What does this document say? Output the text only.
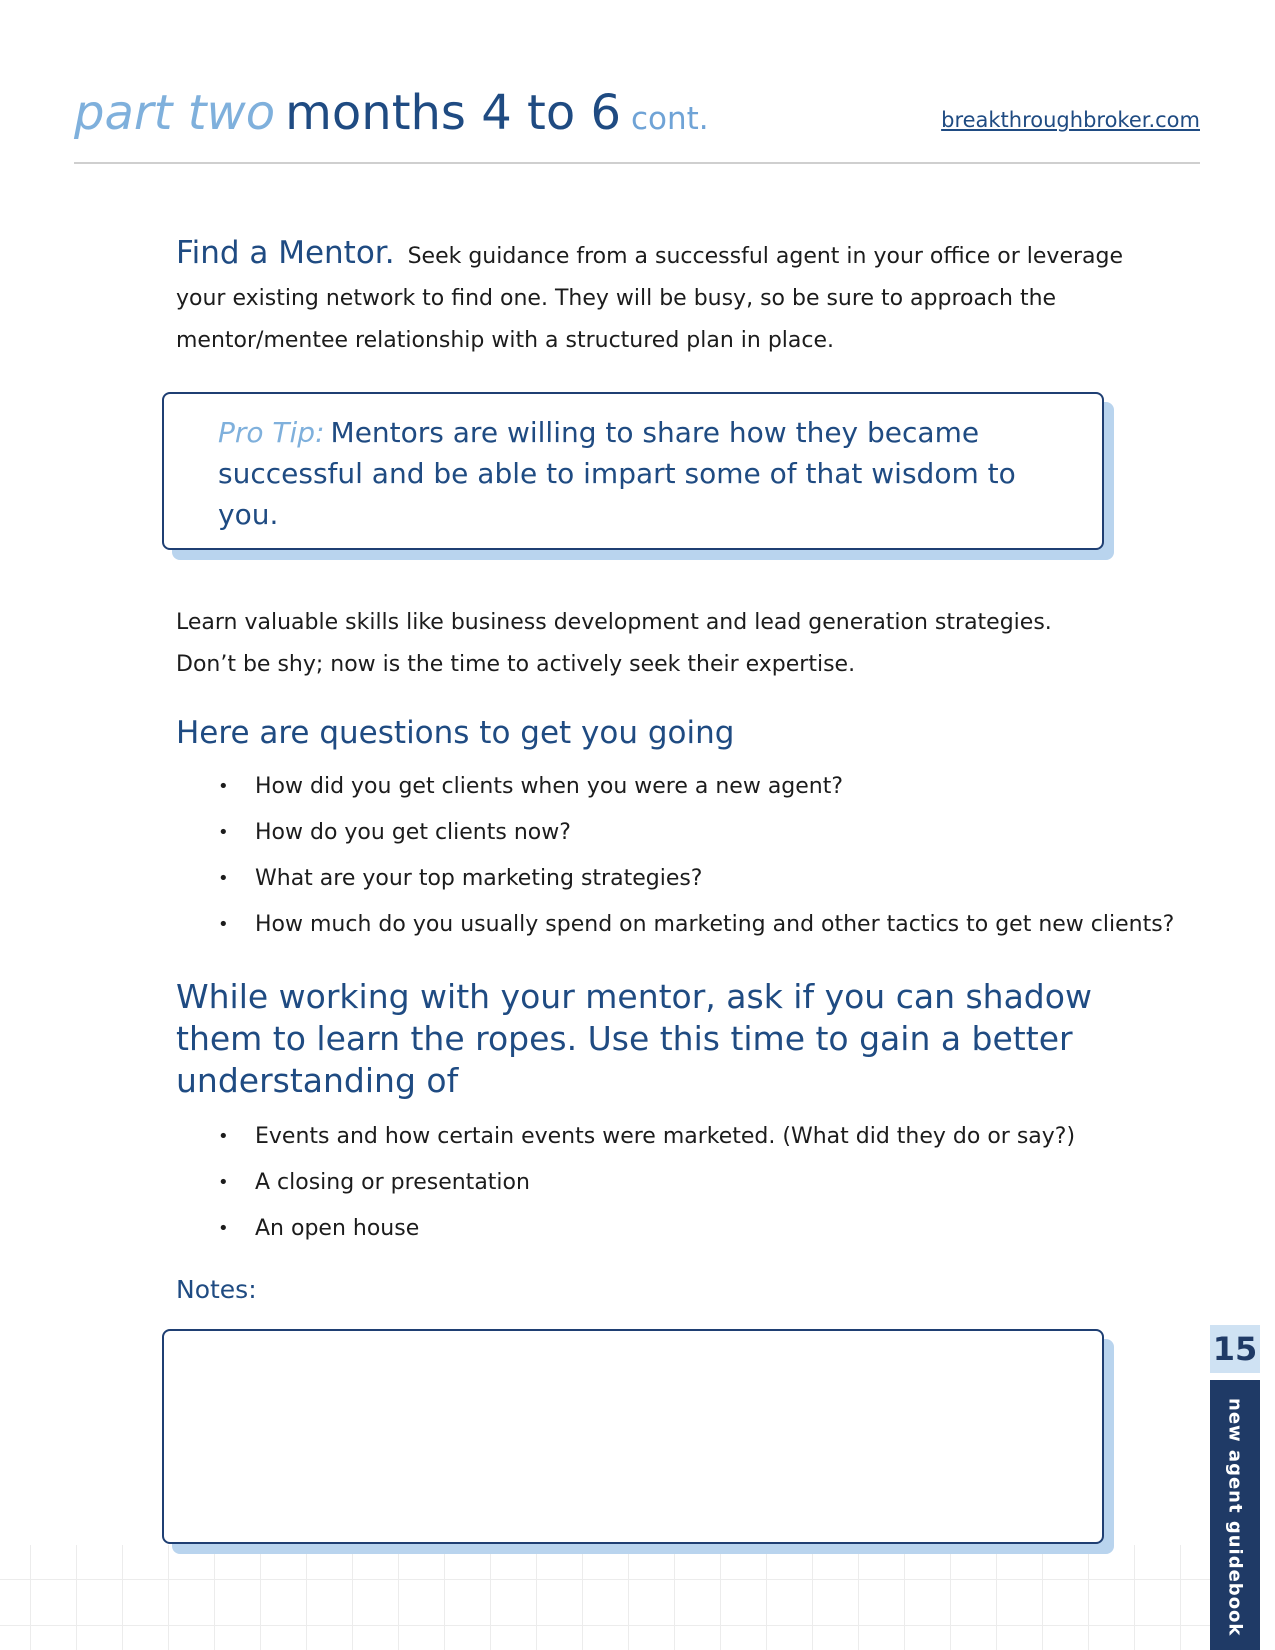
part two months 4 to 6 cont.	breakthroughbroker.com
Find a Mentor. Seek guidance from a successful agent in your office or leverage your existing network to find one. They will be busy, so be sure to approach the mentor/mentee relationship with a structured plan in place.
Pro Tip: Mentors are willing to share how they became successful and be able to impart some of that wisdom to you.
Learn valuable skills like business development and lead generation strategies.
Don’t be shy; now is the time to actively seek their expertise.
Here are questions to get you going
• How did you get clients when you were a new agent?
• How do you get clients now?
• What are your top marketing strategies?
• How much do you usually spend on marketing and other tactics to get new clients?
While working with your mentor, ask if you can shadow them to learn the ropes. Use this time to gain a better understanding of
• Events and how certain events were marketed. (What did they do or say?)
• A closing or presentation
• An open house
Notes:
15
new agent guidebook
